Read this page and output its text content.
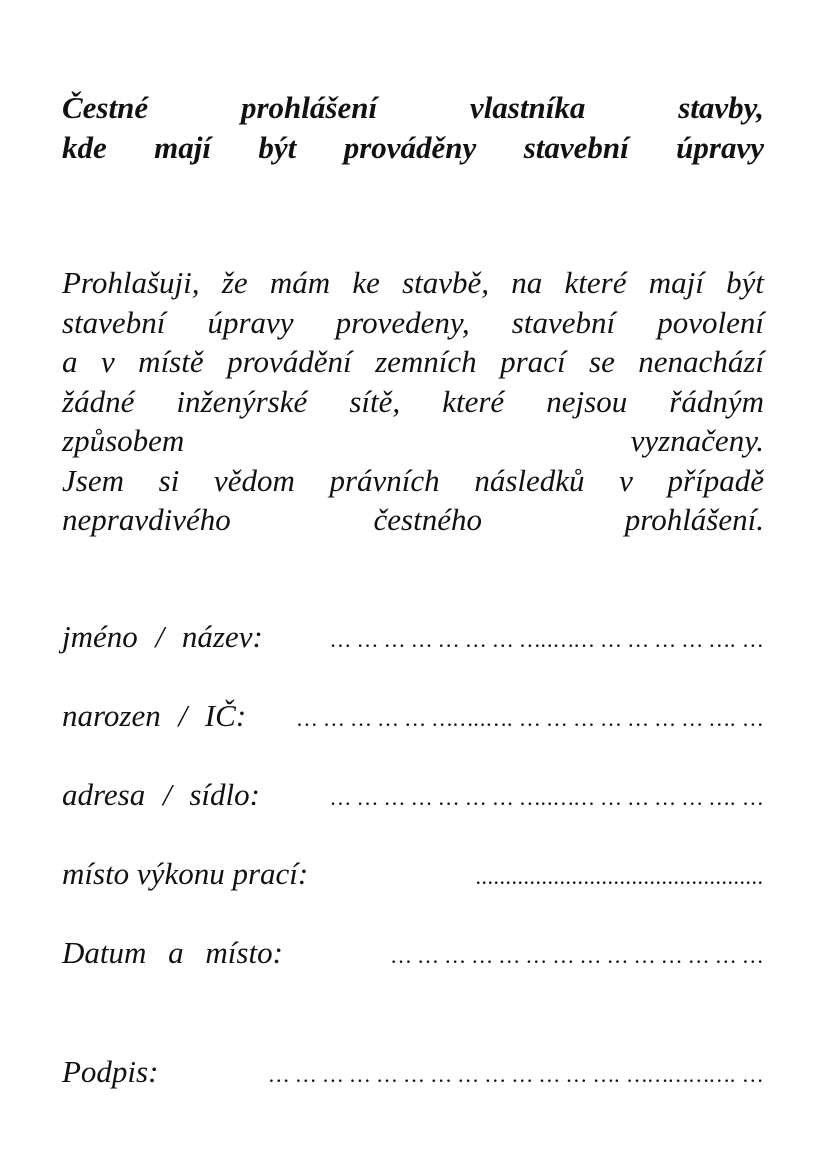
Čestné prohlášení vlastníka stavby,
kde mají být prováděny stavební úpravy
Prohlašuji, že mám ke stavbě, na které mají být
stavební úpravy provedeny, stavební povolení
a v místě provádění zemních prací se nenachází
žádné inženýrské sítě, které nejsou řádným
způsobem vyznačeny.
Jsem si vědom právních následků v případě
nepravdivého čestného prohlášení.
jméno / název:	… … … … … … … …..…… … … … … …. …
narozen / IČ:	… … … … … ……..…. … … … … … … … …. …
adresa / sídlo:	… … … … … … … …..…… … … … … …. …
místo výkonu prací:	................................................
Datum a místo:	… … … … … … … … … … … … … …
Podpis:	… … … … … … … … … … … … …. ……………. …
